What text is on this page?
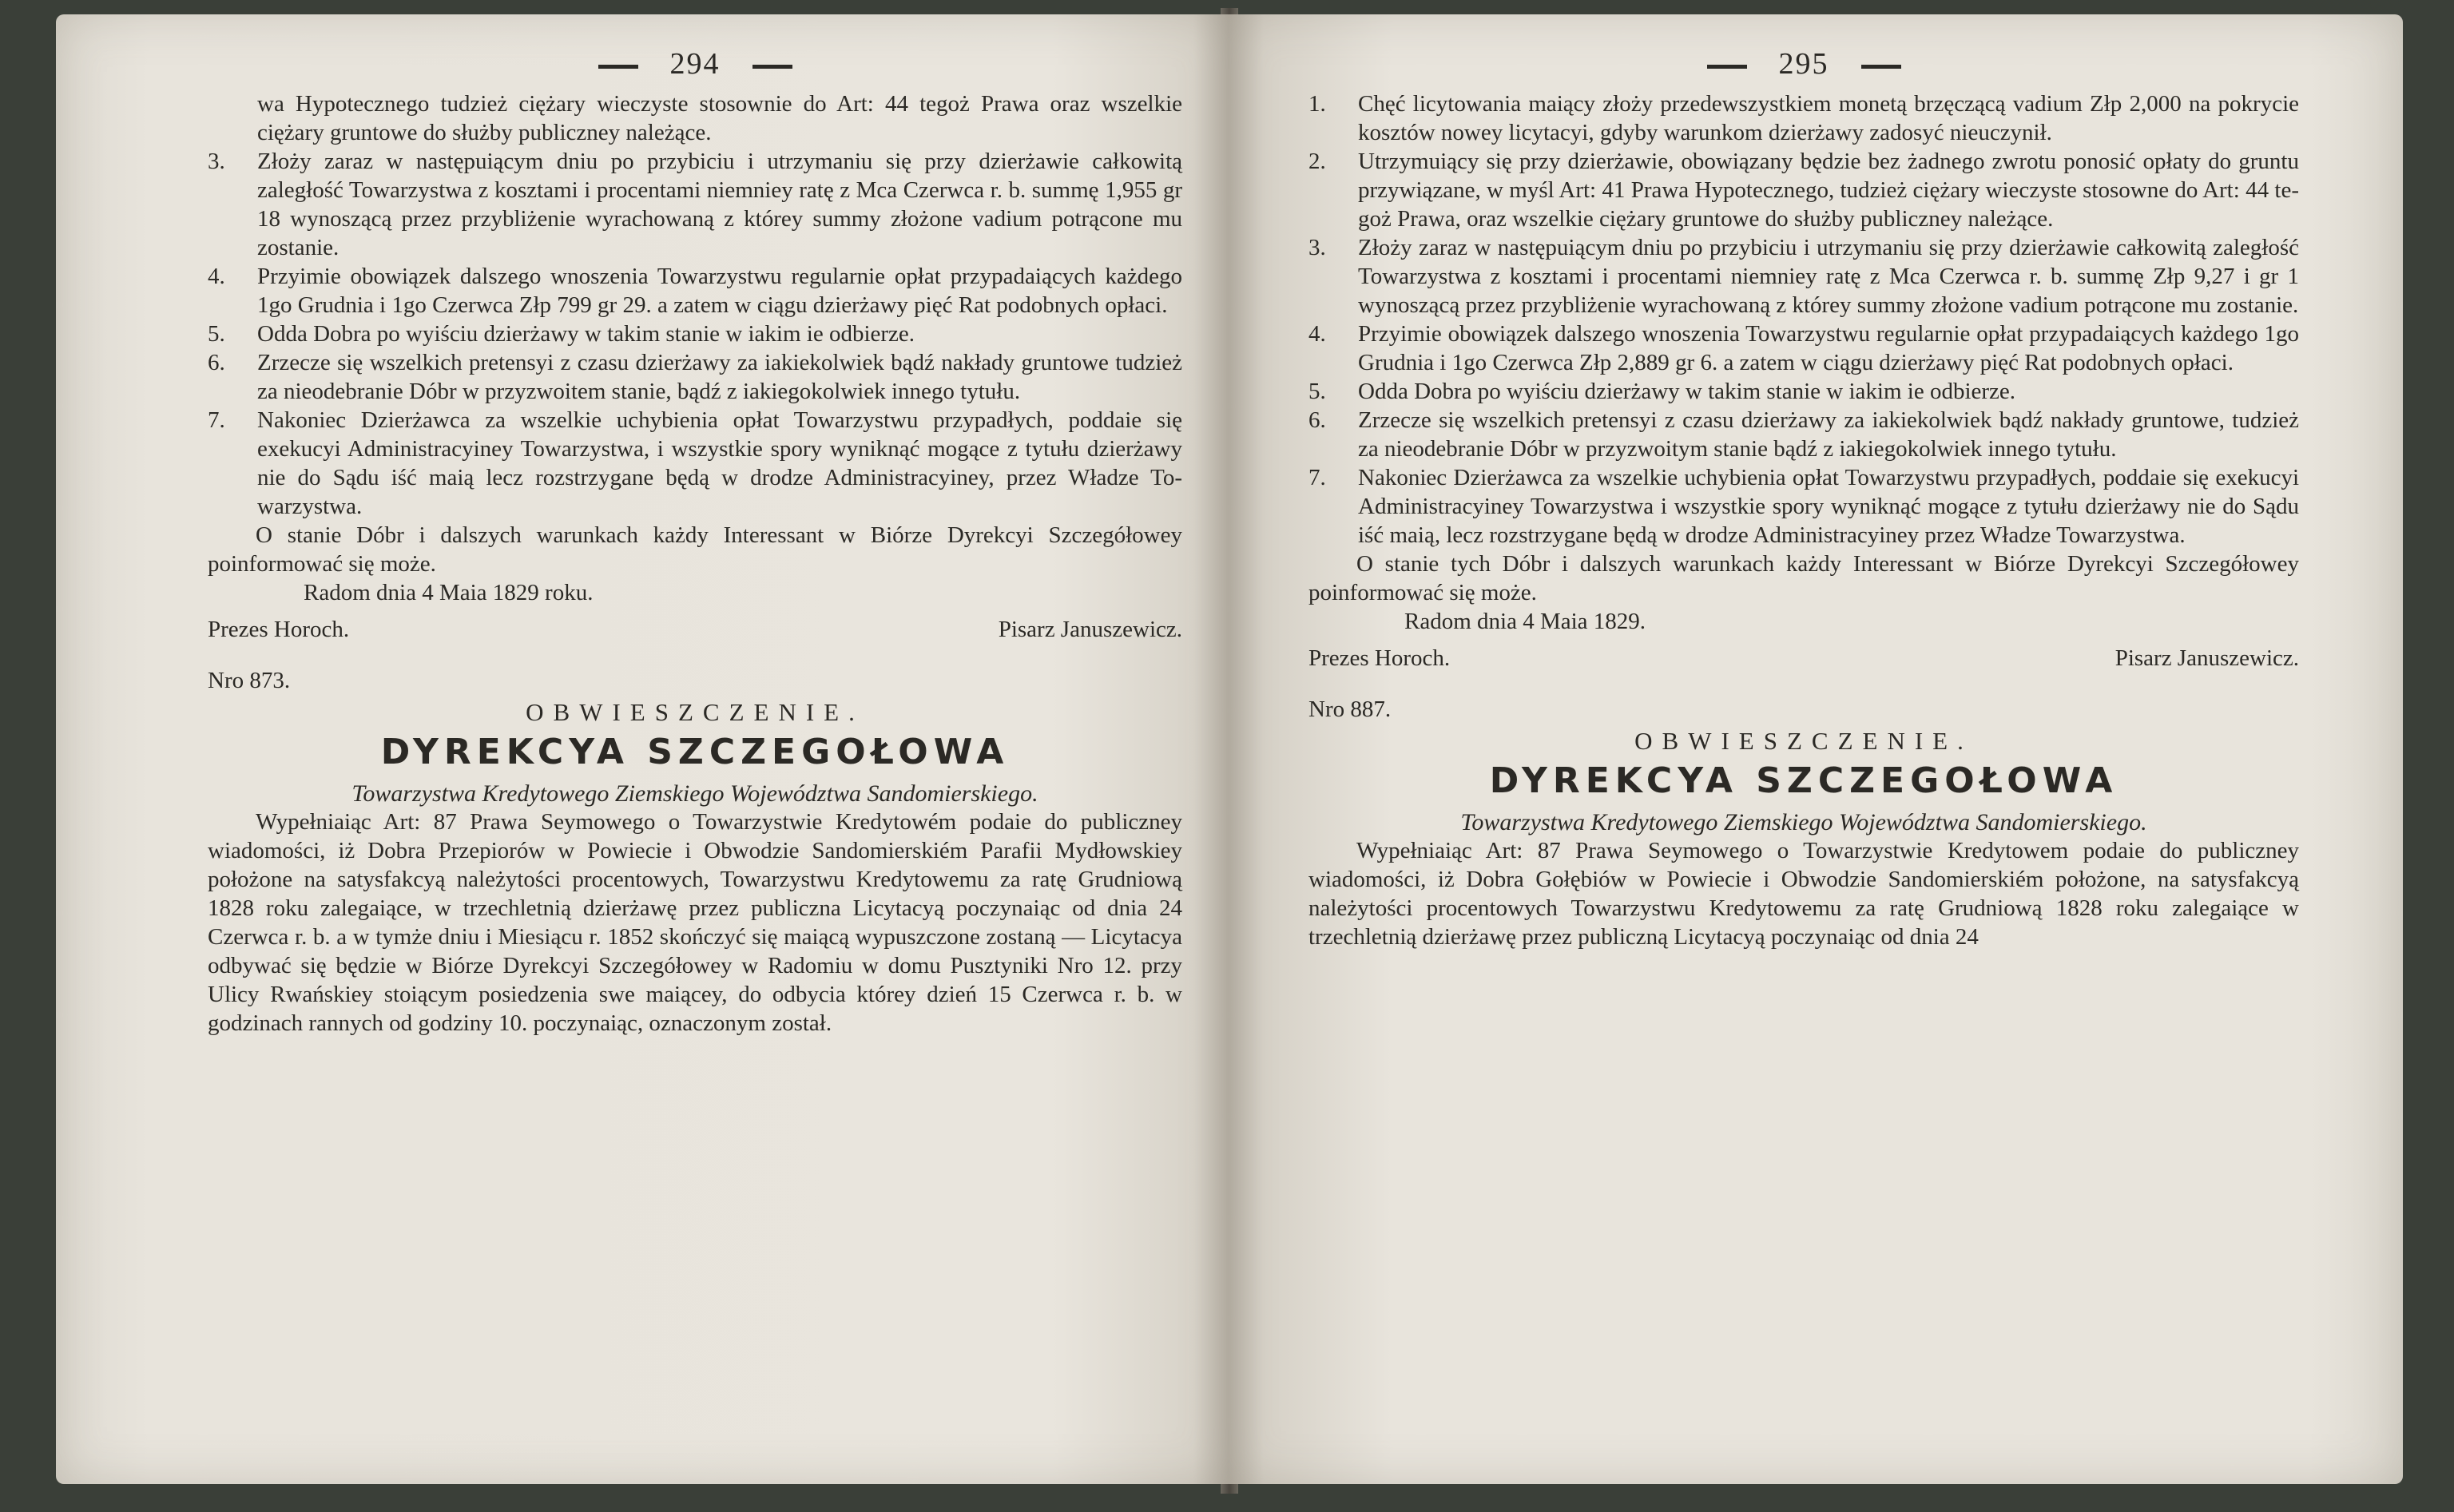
294
wa Hypotecznego tudzież ciężary wieczyste stosownie do Art: 44 tegoż Prawa oraz wszelkie ciężary gruntowe do służby publiczney należące.
3. Złoży zaraz w następuiącym dniu po przybiciu i utrzymaniu się przy dzierżawie całkowitą zaległość Towarzystwa z kosztami i procentami niemniey ratę z Mca Czerwca r. b. summę 1,955 gr 18 wynoszącą przez przybliżenie wyrachowaną z którey summy złożone vadium potrącone mu zostanie.
4. Przyimie obowiązek dalszego wnoszenia Towarzystwu regularnie opłat przypadaiących każdego 1go Grudnia i 1go Czerwca Złp 799 gr 29. a zatem w ciągu dzierżawy pięć Rat podobnych opłaci.
5. Odda Dobra po wyiściu dzierżawy w takim stanie w iakim ie odbierze.
6. Zrzecze się wszelkich pretensyi z czasu dzierżawy za iakiekolwiek bądź nakłady gruntowe tudzież za nieodebranie Dóbr w przyzwoitem stanie, bądź z iakiegokolwiek innego tytułu.
7. Nakoniec Dzierżawca za wszelkie uchybienia opłat Towarzystwu przypadłych, poddaie się exekucyi Administracyiney Towarzystwa, i wszystkie spory wyniknąć mogące z tytułu dzierżawy nie do Sądu iść maią lecz rozstrzygane będą w drodze Administracyiney, przez Władze Towarzystwa.
O stanie Dóbr i dalszych warunkach każdy Interessant w Biórze Dyrekcyi Szczegółowey poinformować się może.
Radom dnia 4 Maia 1829 roku.
Prezes Horoch.	Pisarz Januszewicz.
Nro 873.
OBWIESZCZENIE.
DYREKCYA SZCZEGOŁOWA
Towarzystwa Kredytowego Ziemskiego Województwa Sandomierskiego.
Wypełniaiąc Art: 87 Prawa Seymowego o Towarzystwie Kredytowém podaie do publiczney wiadomości, iż Dobra Przepiorów w Powiecie i Obwodzie Sandomierskiém Parafii Mydłowskiey położone na satysfakcyą należytości procentowych, Towarzystwu Kredytowemu za ratę Grudniową 1828 roku zalegaiące, w trzechletnią dzierżawę przez publiczna Licytacyą poczynaiąc od dnia 24 Czerwca r. b. a w tymże dniu i Miesiącu r. 1852 skończyć się maiącą wypuszczone zostaną — Licytacya odbywać się będzie w Biórze Dyrekcyi Szczegółowey w Radomiu w domu Pusztyniki Nro 12. przy Ulicy Rwańskiey stoiącym posiedzenia swe maiącey, do odbycia którey dzień 15 Czerwca r. b. w godzinach rannych od godziny 10. poczynaiąc, oznaczonym został.
295
1. Chęć licytowania maiący złoży przedewszystkiem monetą brzęczącą vadium Złp 2,000 na pokrycie kosztów nowey licytacyi, gdyby warunkom dzierżawy zadosyć nieuczynił.
2. Utrzymuiący się przy dzierżawie, obowiązany będzie bez żadnego zwrotu ponosić opłaty do gruntu przywiązane, w myśl Art: 41 Prawa Hypotecznego, tudzież ciężary wieczyste stosowne do Art: 44 tegoż Prawa, oraz wszelkie ciężary gruntowe do służby publiczney należące.
3. Złoży zaraz w następuiącym dniu po przybiciu i utrzymaniu się przy dzierżawie całkowitą zaległość Towarzystwa z kosztami i procentami niemniey ratę z Mca Czerwca r. b. summę Złp 9,27 i gr 1 wynoszącą przez przybliżenie wyrachowaną z którey summy złożone vadium potrącone mu zostanie.
4. Przyimie obowiązek dalszego wnoszenia Towarzystwu regularnie opłat przypadaiących każdego 1go Grudnia i 1go Czerwca Złp 2,889 gr 6. a zatem w ciągu dzierżawy pięć Rat podobnych opłaci.
5. Odda Dobra po wyiściu dzierżawy w takim stanie w iakim ie odbierze.
6. Zrzecze się wszelkich pretensyi z czasu dzierżawy za iakiekolwiek bądź nakłady gruntowe, tudzież za nieodebranie Dóbr w przyzwoitym stanie bądź z iakiegokolwiek innego tytułu.
7. Nakoniec Dzierżawca za wszelkie uchybienia opłat Towarzystwu przypadłych, poddaie się exekucyi Administracyiney Towarzystwa i wszystkie spory wyniknąć mogące z tytułu dzierżawy nie do Sądu iść maią, lecz rozstrzygane będą w drodze Administracyiney przez Władze Towarzystwa.
O stanie tych Dóbr i dalszych warunkach każdy Interessant w Biórze Dyrekcyi Szczegółowey poinformować się może.
Radom dnia 4 Maia 1829.
Prezes Horoch.	Pisarz Januszewicz.
Nro 887.
OBWIESZCZENIE.
DYREKCYA SZCZEGOŁOWA
Towarzystwa Kredytowego Ziemskiego Województwa Sandomierskiego.
Wypełniaiąc Art: 87 Prawa Seymowego o Towarzystwie Kredytowem podaie do publiczney wiadomości, iż Dobra Gołębiów w Powiecie i Obwodzie Sandomierskiém położone, na satysfakcyą należytości procentowych Towarzystwu Kredytowemu za ratę Grudniową 1828 roku zalegaiące w trzechletnią dzierżawę przez publiczną Licytacyą poczynaiąc od dnia 24
